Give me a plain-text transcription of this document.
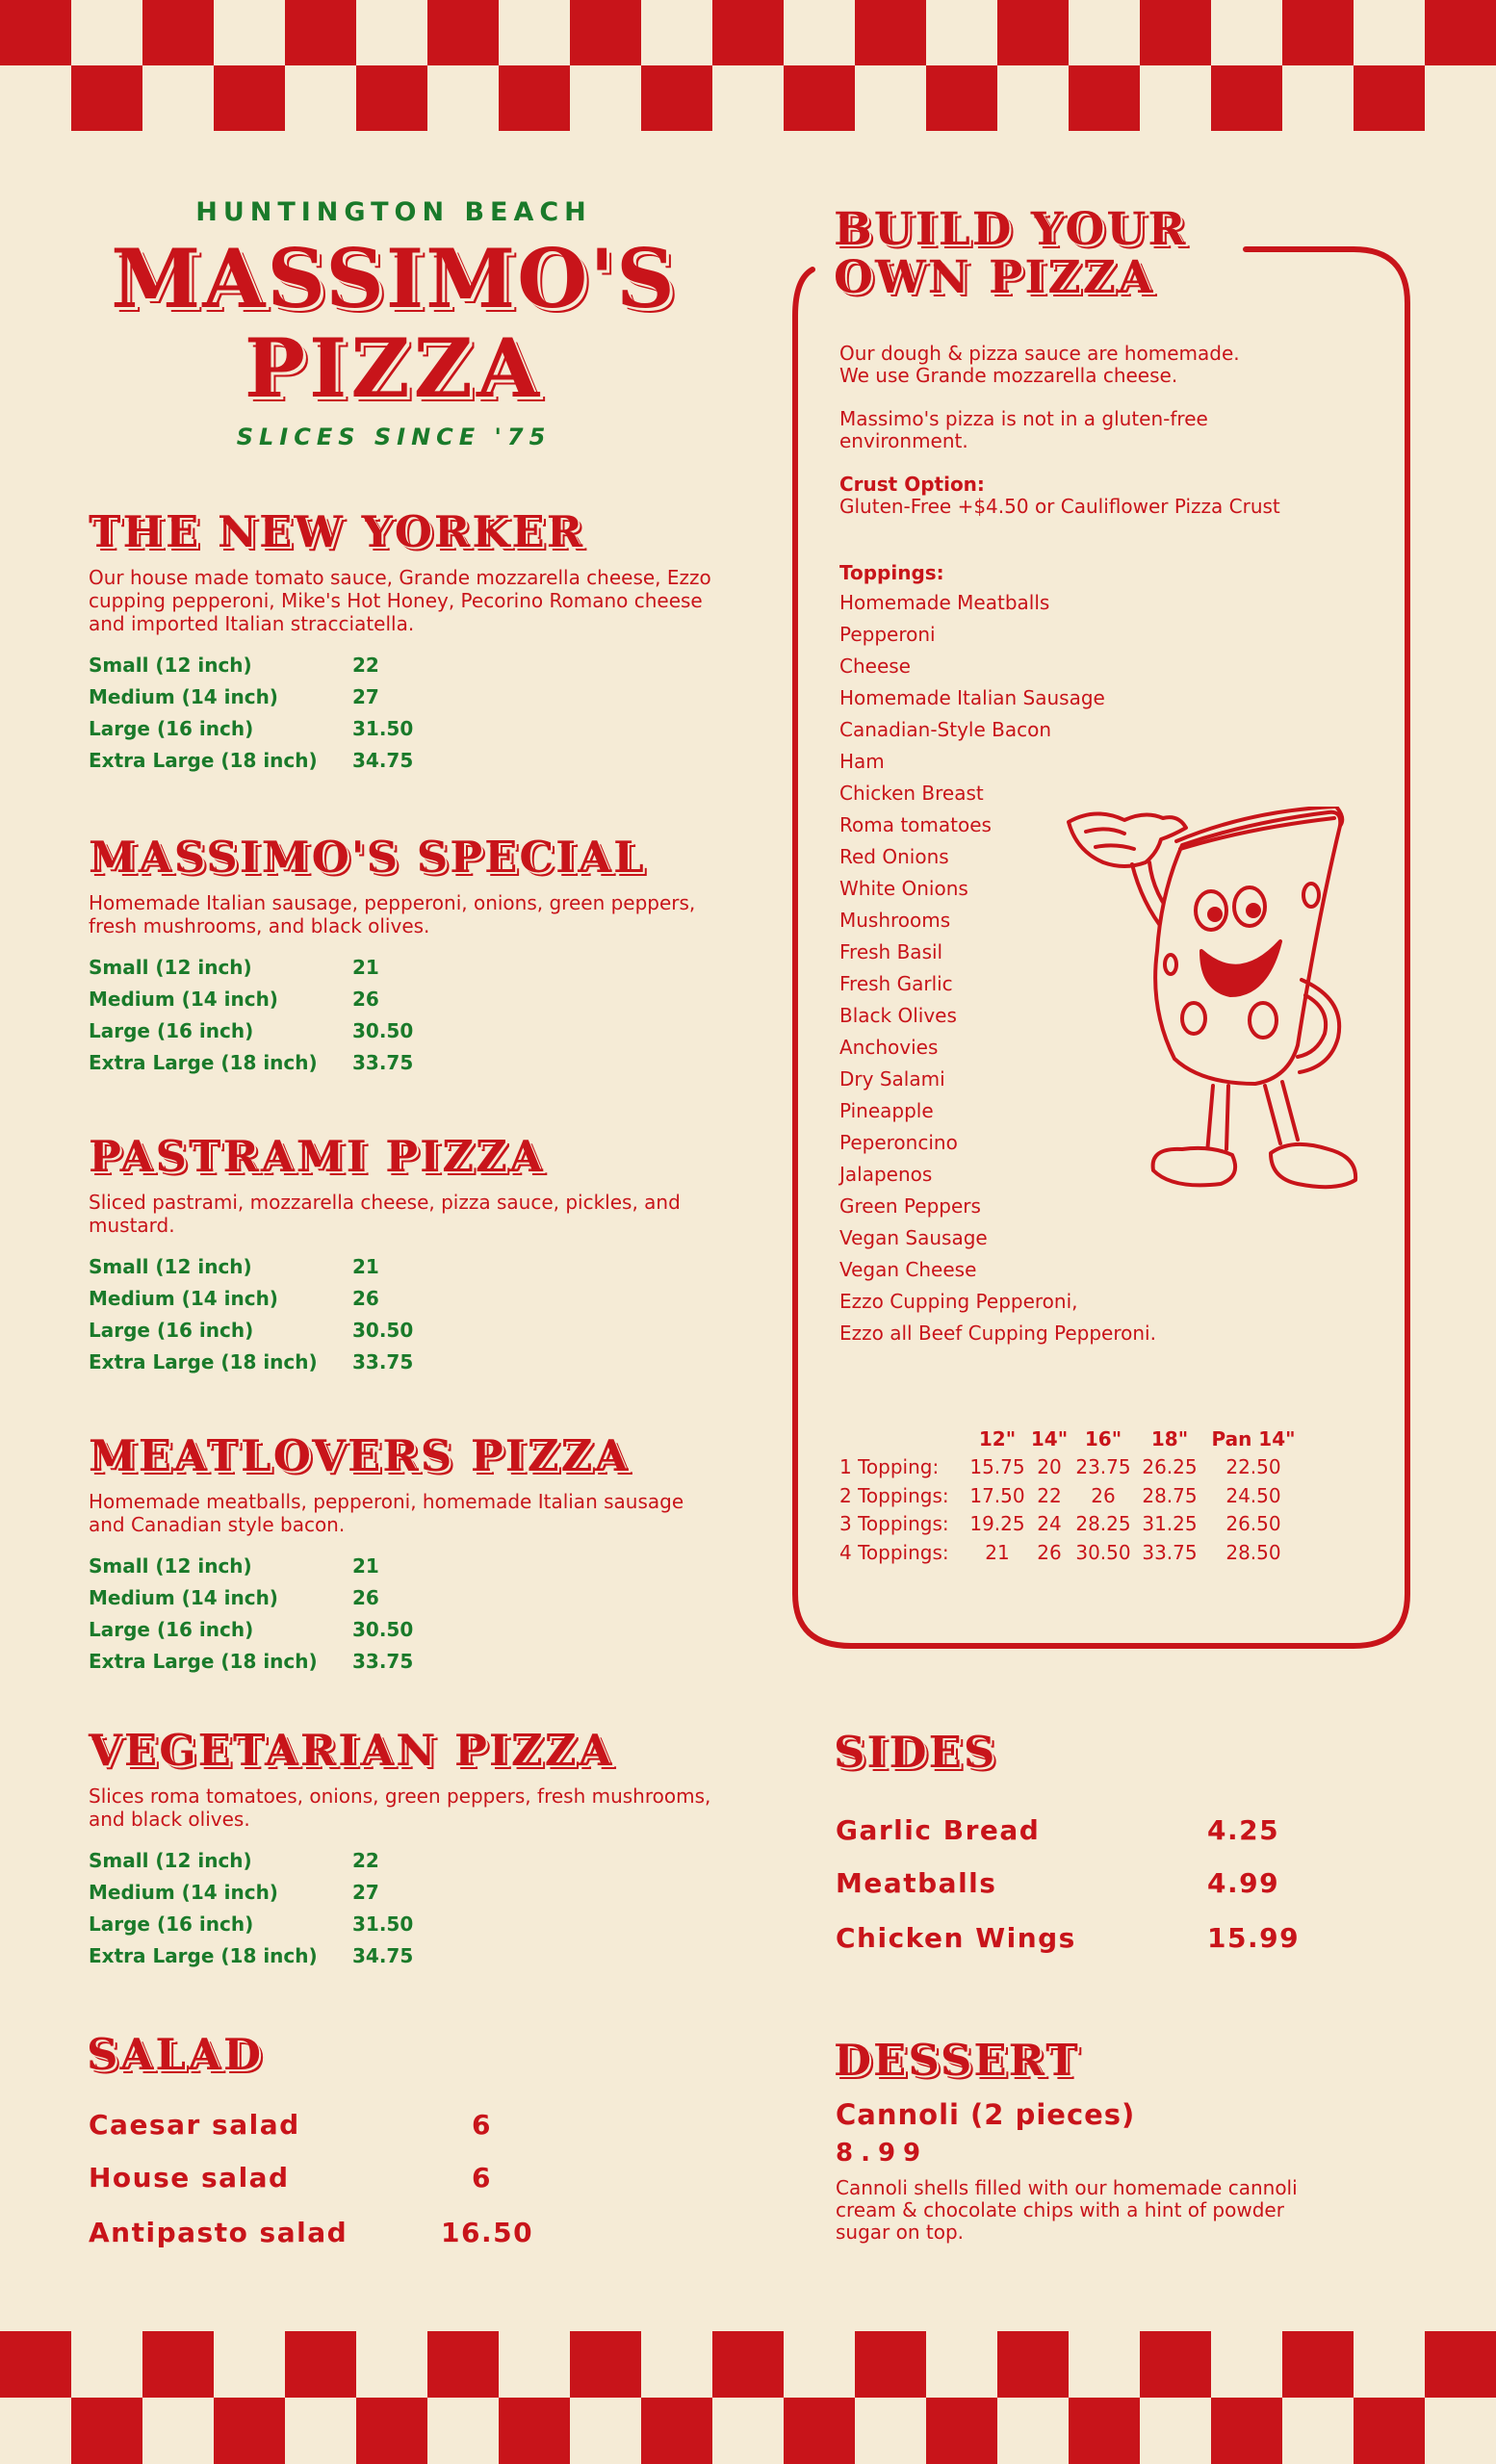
HUNTINGTON BEACH
MASSIMO'S
PIZZA
SLICES SINCE '75
THE NEW YORKER
Our house made tomato sauce, Grande mozzarella cheese, Ezzo cupping pepperoni, Mike's Hot Honey, Pecorino Romano cheese and imported Italian stracciatella.
Small (12 inch)	22
Medium (14 inch)	27
Large (16 inch)	31.50
Extra Large (18 inch)	34.75
MASSIMO'S SPECIAL
Homemade Italian sausage, pepperoni, onions, green peppers, fresh mushrooms, and black olives.
Small (12 inch)	21
Medium (14 inch)	26
Large (16 inch)	30.50
Extra Large (18 inch)	33.75
PASTRAMI PIZZA
Sliced pastrami, mozzarella cheese, pizza sauce, pickles, and mustard.
Small (12 inch)	21
Medium (14 inch)	26
Large (16 inch)	30.50
Extra Large (18 inch)	33.75
MEATLOVERS PIZZA
Homemade meatballs, pepperoni, homemade Italian sausage and Canadian style bacon.
Small (12 inch)	21
Medium (14 inch)	26
Large (16 inch)	30.50
Extra Large (18 inch)	33.75
VEGETARIAN PIZZA
Slices roma tomatoes, onions, green peppers, fresh mushrooms, and black olives.
Small (12 inch)	22
Medium (14 inch)	27
Large (16 inch)	31.50
Extra Large (18 inch)	34.75
BUILD YOUR
OWN PIZZA

Our dough & pizza sauce are homemade. We use Grande mozzarella cheese.

Massimo's pizza is not in a gluten-free environment.

Crust Option:
Gluten-Free +$4.50 or Cauliflower Pizza Crust
Toppings:
Homemade Meatballs
Pepperoni
Cheese
Homemade Italian Sausage
Canadian-Style Bacon
Ham
Chicken Breast
Roma tomatoes
Red Onions
White Onions
Mushrooms
Fresh Basil
Fresh Garlic
Black Olives
Anchovies
Dry Salami
Pineapple
Peperoncino
Jalapenos
Green Peppers
Vegan Sausage
Vegan Cheese
Ezzo Cupping Pepperoni,
Ezzo all Beef Cupping Pepperoni.
	12"	14"	16"	18"	Pan 14"
1 Topping:	15.75	20	23.75	26.25	22.50
2 Toppings:	17.50	22	26	28.75	24.50
3 Toppings:	19.25	24	28.25	31.25	26.50
4 Toppings:	21	26	30.50	33.75	28.50
SIDES
Garlic Bread	4.25
Meatballs	4.99
Chicken Wings	15.99
SALAD
Caesar salad	6
House salad	6
Antipasto salad	16.50
DESSERT
Cannoli (2 pieces)
8.99
Cannoli shells filled with our homemade cannoli cream & chocolate chips with a hint of powder sugar on top.
